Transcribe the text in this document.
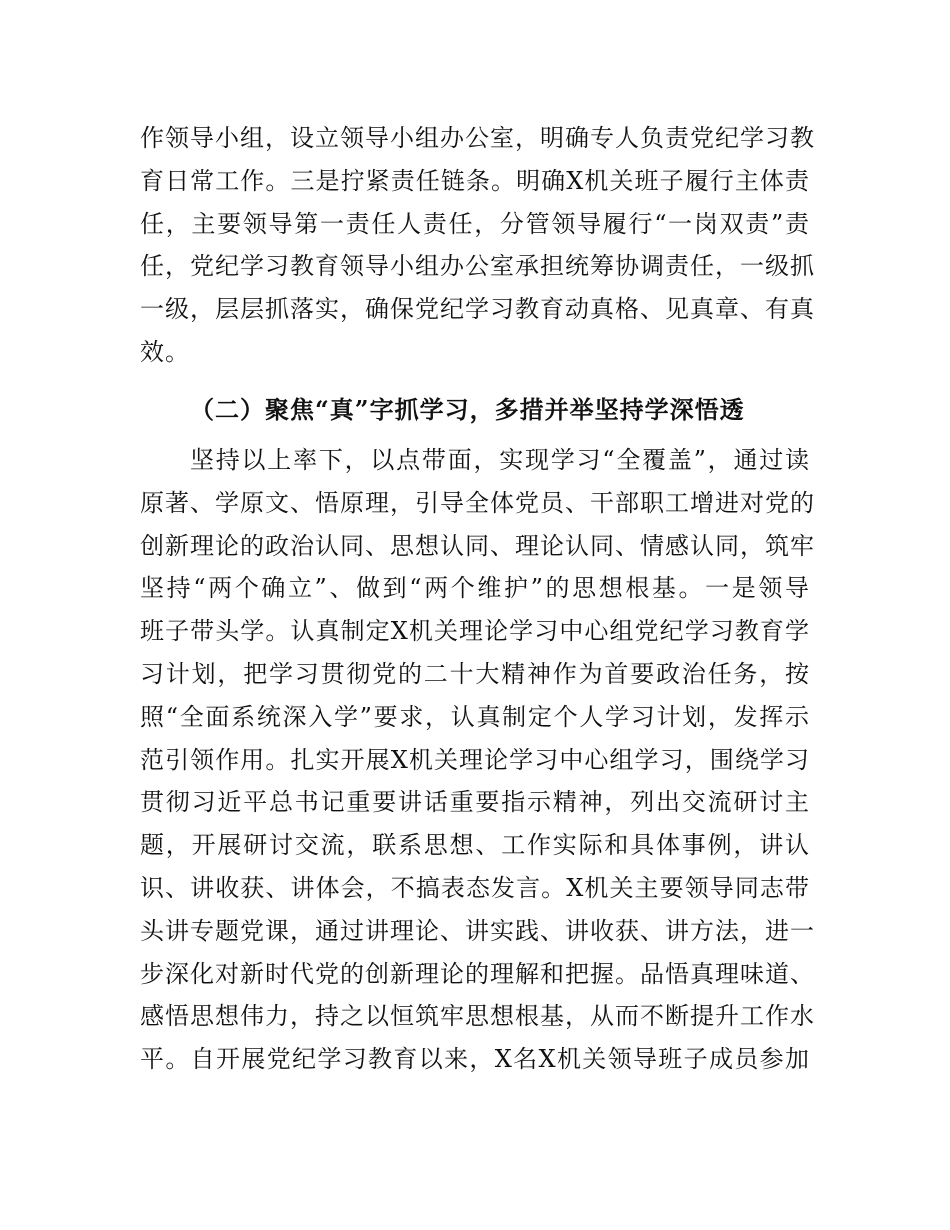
作领导小组，设立领导小组办公室，明确专人负责党纪学习教
育日常工作。三是拧紧责任链条。明确X机关班子履行主体责
任，主要领导第一责任人责任，分管领导履行“一岗双责”责
任，党纪学习教育领导小组办公室承担统筹协调责任，一级抓
一级，层层抓落实，确保党纪学习教育动真格、见真章、有真
效。
（二）聚焦“真”字抓学习，多措并举坚持学深悟透
坚持以上率下，以点带面，实现学习“全覆盖”，通过读
原著、学原文、悟原理，引导全体党员、干部职工增进对党的
创新理论的政治认同、思想认同、理论认同、情感认同，筑牢
坚持“两个确立”、做到“两个维护”的思想根基。一是领导
班子带头学。认真制定X机关理论学习中心组党纪学习教育学
习计划，把学习贯彻党的二十大精神作为首要政治任务，按
照“全面系统深入学”要求，认真制定个人学习计划，发挥示
范引领作用。扎实开展X机关理论学习中心组学习，围绕学习
贯彻习近平总书记重要讲话重要指示精神，列出交流研讨主
题，开展研讨交流，联系思想、工作实际和具体事例，讲认
识、讲收获、讲体会，不搞表态发言。X机关主要领导同志带
头讲专题党课，通过讲理论、讲实践、讲收获、讲方法，进一
步深化对新时代党的创新理论的理解和把握。品悟真理味道、
感悟思想伟力，持之以恒筑牢思想根基，从而不断提升工作水
平。自开展党纪学习教育以来，X名X机关领导班子成员参加
